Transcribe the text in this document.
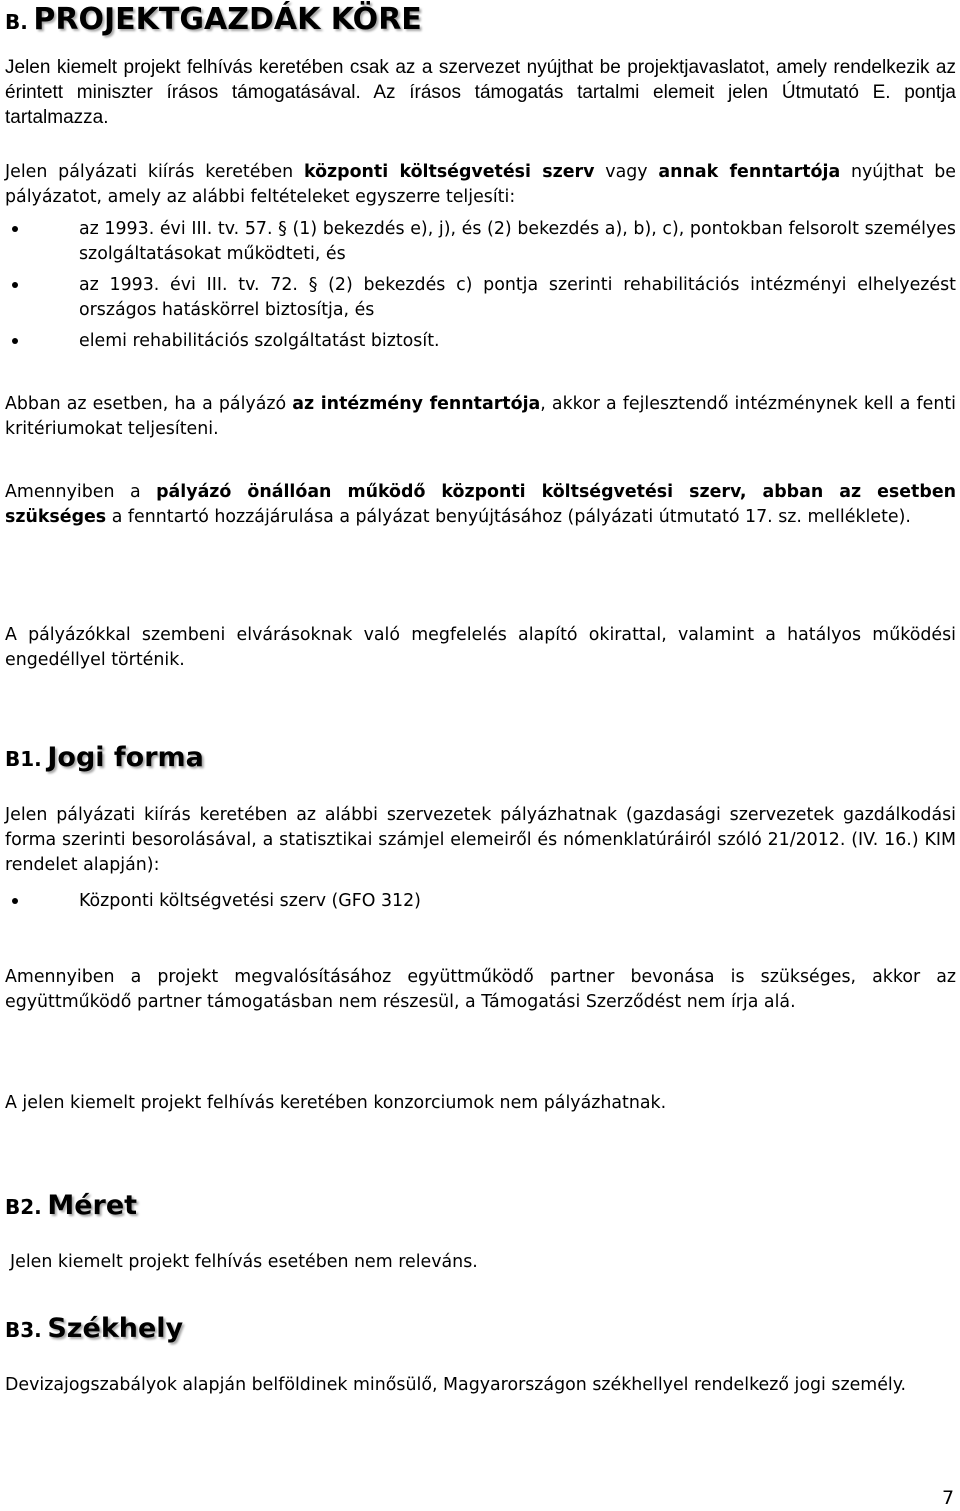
B. PROJEKTGAZDÁK KÖRE

Jelen kiemelt projekt felhívás keretében csak az a szervezet nyújthat be projektjavaslatot, amely rendelkezik az érintett miniszter írásos támogatásával. Az írásos támogatás tartalmi elemeit jelen Útmutató E. pontja tartalmazza.

Jelen pályázati kiírás keretében központi költségvetési szerv vagy annak fenntartója nyújthat be pályázatot, amely az alábbi feltételeket egyszerre teljesíti:

az 1993. évi III. tv. 57. § (1) bekezdés e), j), és (2) bekezdés a), b), c), pontokban felsorolt személyes szolgáltatásokat működteti, és
az 1993. évi III. tv. 72. § (2) bekezdés c) pontja szerinti rehabilitációs intézményi elhelyezést országos hatáskörrel biztosítja, és
elemi rehabilitációs szolgáltatást biztosít.

Abban az esetben, ha a pályázó az intézmény fenntartója, akkor a fejlesztendő intézménynek kell a fenti kritériumokat teljesíteni.

Amennyiben a pályázó önállóan működő központi költségvetési szerv, abban az esetben szükséges a fenntartó hozzájárulása a pályázat benyújtásához (pályázati útmutató 17. sz. melléklete).

A pályázókkal szembeni elvárásoknak való megfelelés alapító okirattal, valamint a hatályos működési engedéllyel történik.

B1. Jogi forma

Jelen pályázati kiírás keretében az alábbi szervezetek pályázhatnak (gazdasági szervezetek gazdálkodási forma szerinti besorolásával, a statisztikai számjel elemeiről és nómenklatúráiról szóló 21/2012. (IV. 16.) KIM rendelet alapján):

Központi költségvetési szerv (GFO 312)

Amennyiben a projekt megvalósításához együttműködő partner bevonása is szükséges, akkor az együttműködő partner támogatásban nem részesül, a Támogatási Szerződést nem írja alá.

A jelen kiemelt projekt felhívás keretében konzorciumok nem pályázhatnak.

B2. Méret

Jelen kiemelt projekt felhívás esetében nem releváns.

B3. Székhely

Devizajogszabályok alapján belföldinek minősülő, Magyarországon székhellyel rendelkező jogi személy.

7
